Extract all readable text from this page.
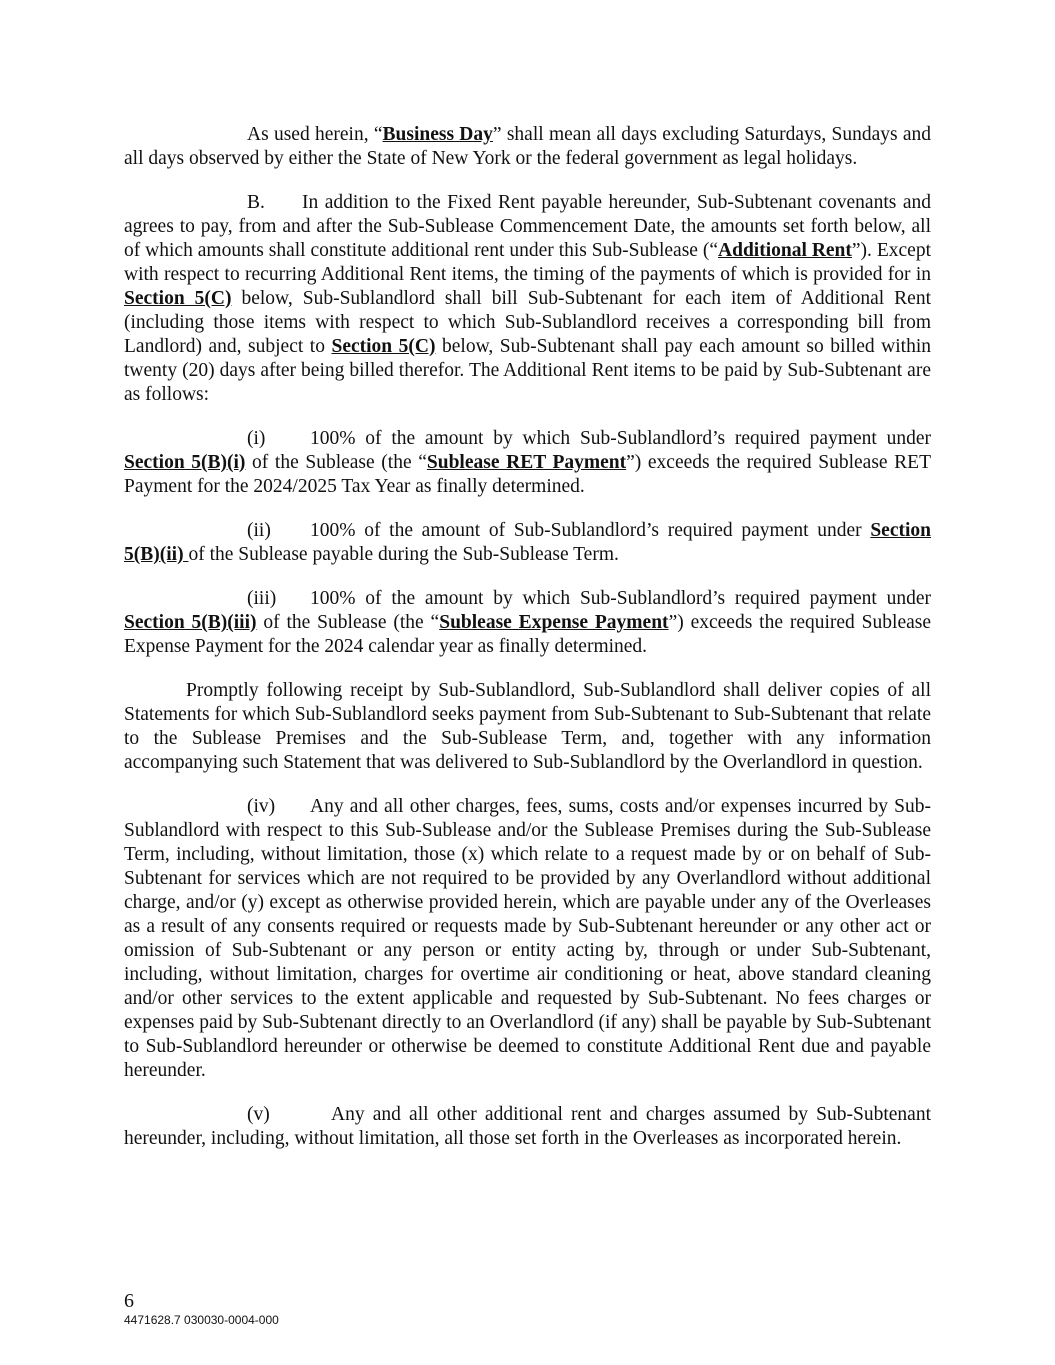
As used herein, “Business Day” shall mean all days excluding Saturdays, Sundays and all days observed by either the State of New York or the federal government as legal holidays.

B. In addition to the Fixed Rent payable hereunder, Sub-Subtenant covenants and agrees to pay, from and after the Sub-Sublease Commencement Date, the amounts set forth below, all of which amounts shall constitute additional rent under this Sub-Sublease (“Additional Rent”). Except with respect to recurring Additional Rent items, the timing of the payments of which is provided for in Section 5(C) below, Sub-Sublandlord shall bill Sub-Subtenant for each item of Additional Rent (including those items with respect to which Sub-Sublandlord receives a corresponding bill from Landlord) and, subject to Section 5(C) below, Sub-Subtenant shall pay each amount so billed within twenty (20) days after being billed therefor. The Additional Rent items to be paid by Sub-Subtenant are as follows:

(i) 100% of the amount by which Sub-Sublandlord’s required payment under Section 5(B)(i) of the Sublease (the “Sublease RET Payment”) exceeds the required Sublease RET Payment for the 2024/2025 Tax Year as finally determined.

(ii) 100% of the amount of Sub-Sublandlord’s required payment under Section 5(B)(ii) of the Sublease payable during the Sub-Sublease Term.

(iii) 100% of the amount by which Sub-Sublandlord’s required payment under Section 5(B)(iii) of the Sublease (the “Sublease Expense Payment”) exceeds the required Sublease Expense Payment for the 2024 calendar year as finally determined.

Promptly following receipt by Sub-Sublandlord, Sub-Sublandlord shall deliver copies of all Statements for which Sub-Sublandlord seeks payment from Sub-Subtenant to Sub-Subtenant that relate to the Sublease Premises and the Sub-Sublease Term, and, together with any information accompanying such Statement that was delivered to Sub-Sublandlord by the Overlandlord in question.

(iv) Any and all other charges, fees, sums, costs and/or expenses incurred by Sub-Sublandlord with respect to this Sub-Sublease and/or the Sublease Premises during the Sub-Sublease Term, including, without limitation, those (x) which relate to a request made by or on behalf of Sub-Subtenant for services which are not required to be provided by any Overlandlord without additional charge, and/or (y) except as otherwise provided herein, which are payable under any of the Overleases as a result of any consents required or requests made by Sub-Subtenant hereunder or any other act or omission of Sub-Subtenant or any person or entity acting by, through or under Sub-Subtenant, including, without limitation, charges for overtime air conditioning or heat, above standard cleaning and/or other services to the extent applicable and requested by Sub-Subtenant. No fees charges or expenses paid by Sub-Subtenant directly to an Overlandlord (if any) shall be payable by Sub-Subtenant to Sub-Sublandlord hereunder or otherwise be deemed to constitute Additional Rent due and payable hereunder.

(v)	Any and all other additional rent and charges assumed by Sub-Subtenant hereunder, including, without limitation, all those set forth in the Overleases as incorporated herein.

6
4471628.7 030030-0004-000
